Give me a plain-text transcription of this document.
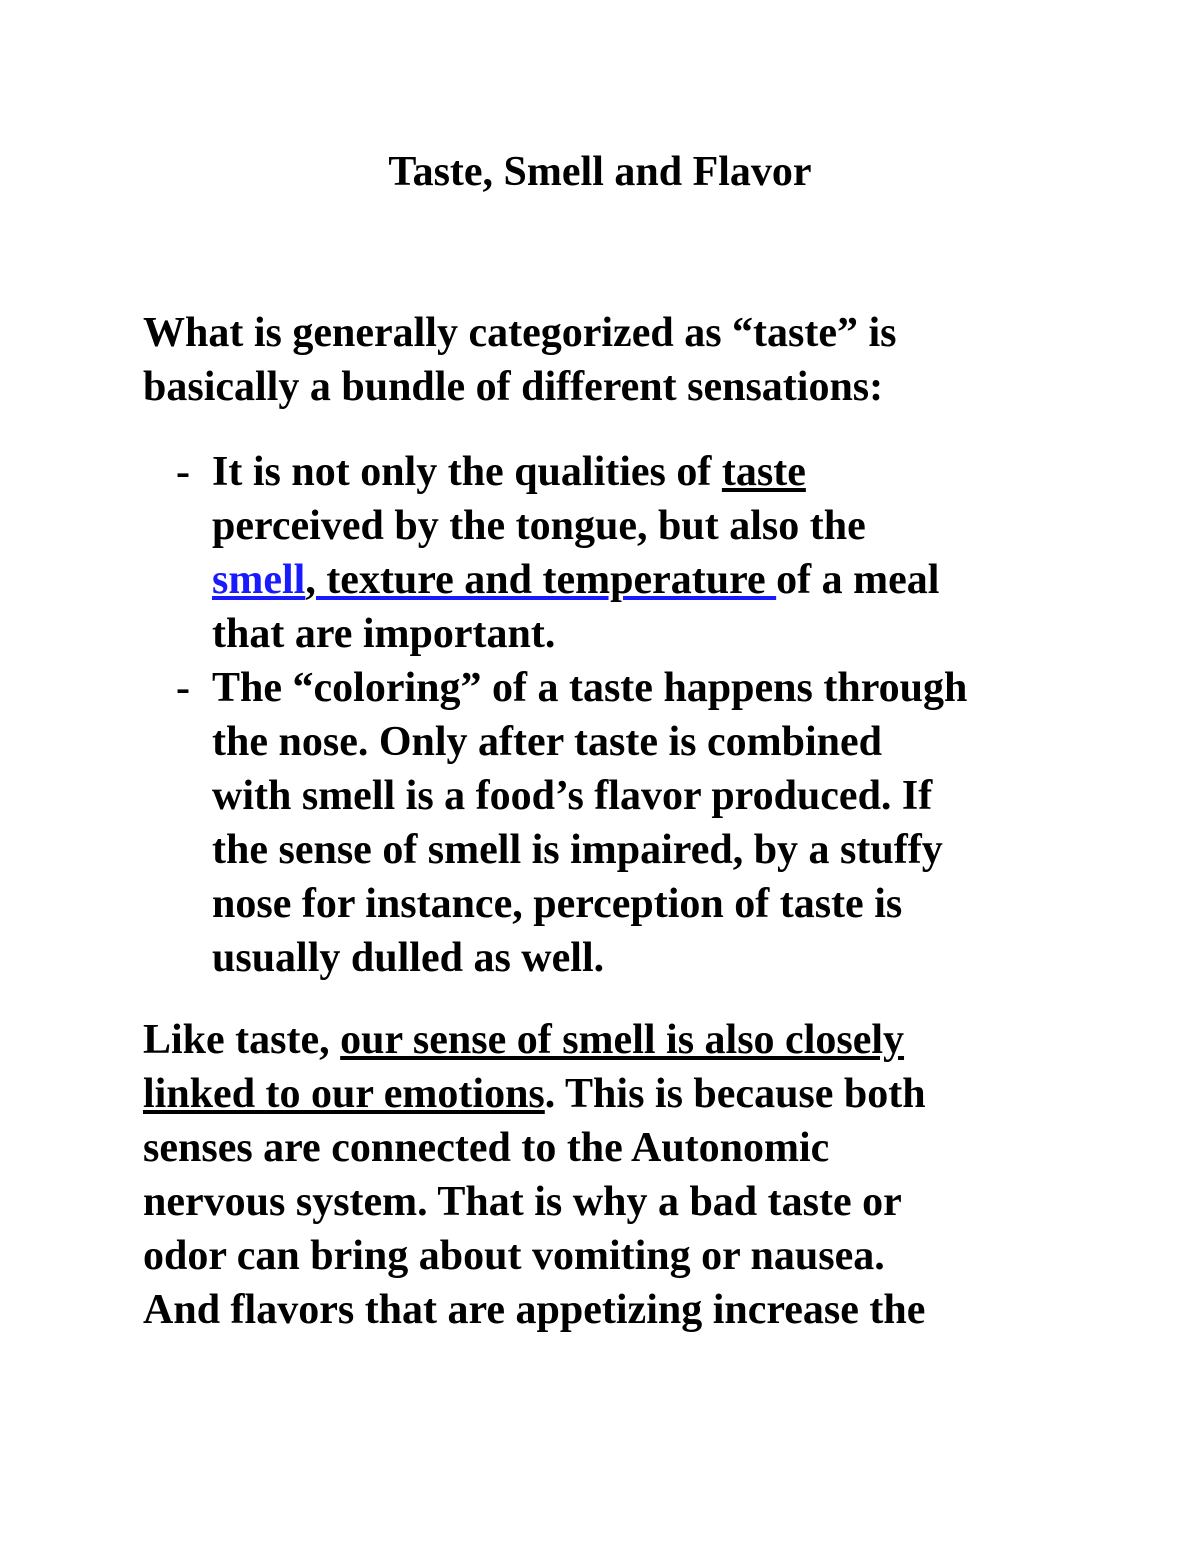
Taste, Smell and Flavor
What is generally categorized as “taste” is
basically a bundle of different sensations:
- It is not only the qualities of taste
perceived by the tongue, but also the
smell, texture and temperature of a meal
that are important.
- The “coloring” of a taste happens through
the nose. Only after taste is combined
with smell is a food’s flavor produced. If
the sense of smell is impaired, by a stuffy
nose for instance, perception of taste is
usually dulled as well.
Like taste, our sense of smell is also closely
linked to our emotions. This is because both
senses are connected to the Autonomic
nervous system. That is why a bad taste or
odor can bring about vomiting or nausea.
And flavors that are appetizing increase the
